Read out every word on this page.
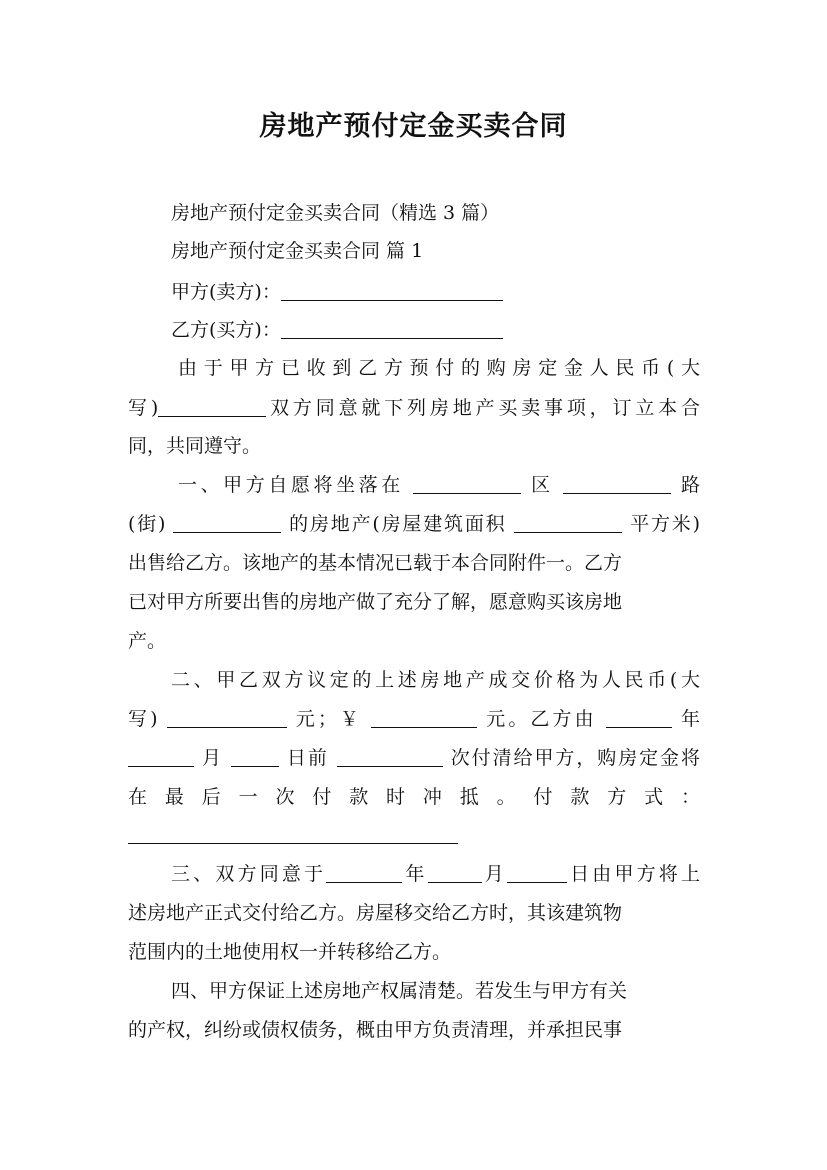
房地产预付定金买卖合同
房地产预付定金买卖合同（精选 3 篇）
房地产预付定金买卖合同 篇 1
甲方(卖方)：
乙方(买方)：
由于甲方已收到乙方预付的购房定金人民币(大
写)	双方同意就下列房地产买卖事项，订立本合
同，共同遵守。
一、甲方自愿将坐落在	区	路
(街)	的房地产(房屋建筑面积	平方米)
出售给乙方。该地产的基本情况已载于本合同附件一。乙方
已对甲方所要出售的房地产做了充分了解，愿意购买该房地
产。
二、甲乙双方议定的上述房地产成交价格为人民币(大
写)	元；￥	元。乙方由	年
月	日前	次付清给甲方，购房定金将
在最后一次付款时冲抵。付款方式：
三、双方同意于	年	月	日由甲方将上
述房地产正式交付给乙方。房屋移交给乙方时，其该建筑物
范围内的土地使用权一并转移给乙方。
四、甲方保证上述房地产权属清楚。若发生与甲方有关
的产权，纠纷或债权债务，概由甲方负责清理，并承担民事
